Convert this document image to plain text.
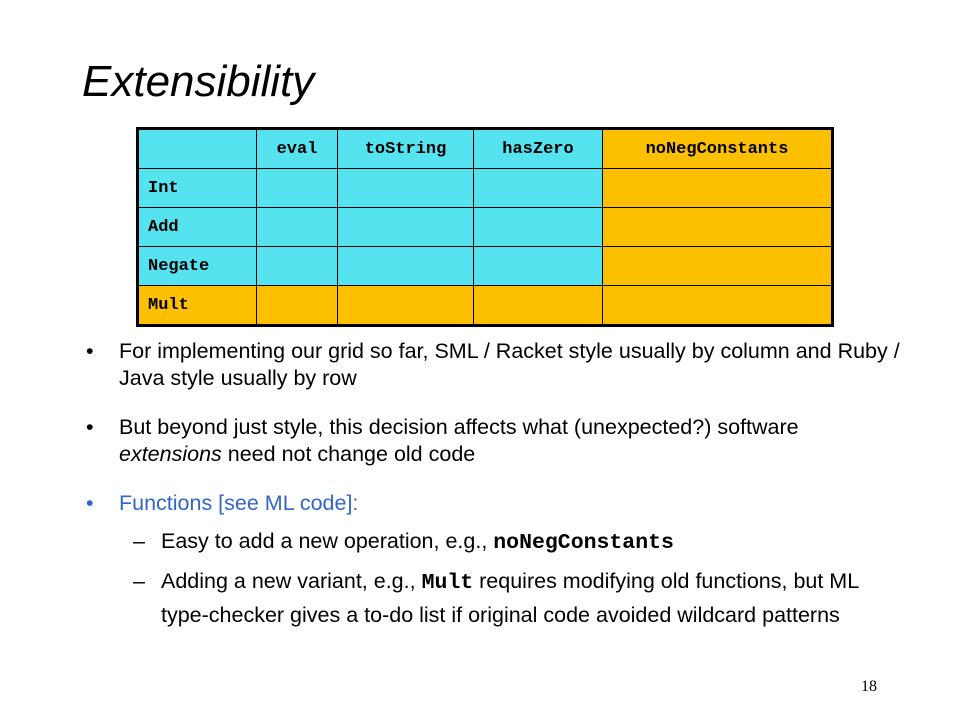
Extensibility
	eval	toString	hasZero	noNegConstants
Int				
Add				
Negate				
Mult				
• For implementing our grid so far, SML / Racket style usually by column and Ruby / Java style usually by row
• But beyond just style, this decision affects what (unexpected?) software extensions need not change old code
• Functions [see ML code]:
– Easy to add a new operation, e.g., noNegConstants
– Adding a new variant, e.g., Mult requires modifying old functions, but ML type-checker gives a to-do list if original code avoided wildcard patterns
18
